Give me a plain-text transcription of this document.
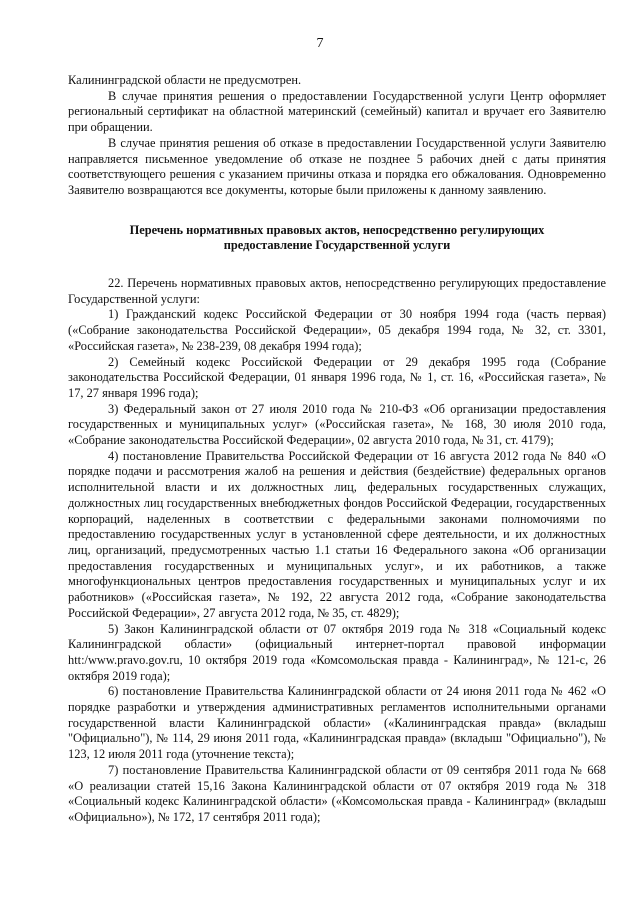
7

Калининградской области не предусмотрен.

В случае принятия решения о предоставлении Государственной услуги Центр оформляет региональный сертификат на областной материнский (семейный) капитал и вручает его Заявителю при обращении.

В случае принятия решения об отказе в предоставлении Государственной услуги Заявителю направляется письменное уведомление об отказе не позднее 5 рабочих дней с даты принятия соответствующего решения с указанием причины отказа и порядка его обжалования. Одновременно Заявителю возвращаются все документы, которые были приложены к данному заявлению.

Перечень нормативных правовых актов, непосредственно регулирующих предоставление Государственной услуги

22. Перечень нормативных правовых актов, непосредственно регулирующих предоставление Государственной услуги:

1) Гражданский кодекс Российской Федерации от 30 ноября 1994 года (часть первая) («Собрание законодательства Российской Федерации», 05 декабря 1994 года, № 32, ст. 3301, «Российская газета», № 238-239, 08 декабря 1994 года);

2) Семейный кодекс Российской Федерации от 29 декабря 1995 года (Собрание законодательства Российской Федерации, 01 января 1996 года, № 1, ст. 16, «Российская газета», № 17, 27 января 1996 года);

3) Федеральный закон от 27 июля 2010 года № 210-ФЗ «Об организации предоставления государственных и муниципальных услуг» («Российская газета», № 168, 30 июля 2010 года, «Собрание законодательства Российской Федерации», 02 августа 2010 года, № 31, ст. 4179);

4) постановление Правительства Российской Федерации от 16 августа 2012 года № 840 «О порядке подачи и рассмотрения жалоб на решения и действия (бездействие) федеральных органов исполнительной власти и их должностных лиц, федеральных государственных служащих, должностных лиц государственных внебюджетных фондов Российской Федерации, государственных корпораций, наделенных в соответствии с федеральными законами полномочиями по предоставлению государственных услуг в установленной сфере деятельности, и их должностных лиц, организаций, предусмотренных частью 1.1 статьи 16 Федерального закона «Об организации предоставления государственных и муниципальных услуг», и их работников, а также многофункциональных центров предоставления государственных и муниципальных услуг и их работников» («Российская газета», № 192, 22 августа 2012 года, «Собрание законодательства Российской Федерации», 27 августа 2012 года, № 35, ст. 4829);

5) Закон Калининградской области от 07 октября 2019 года № 318 «Социальный кодекс Калининградской области» (официальный интернет-портал правовой информации htt:/www.pravo.gov.ru, 10 октября 2019 года «Комсомольская правда - Калининград», № 121-с, 26 октября 2019 года);

6) постановление Правительства Калининградской области от 24 июня 2011 года № 462 «О порядке разработки и утверждения административных регламентов исполнительными органами государственной власти Калининградской области» («Калининградская правда» (вкладыш "Официально"), № 114, 29 июня 2011 года, «Калининградская правда» (вкладыш "Официально"), № 123, 12 июля 2011 года (уточнение текста);

7) постановление Правительства Калининградской области от 09 сентября 2011 года № 668 «О реализации статей 15,16 Закона Калининградской области от 07 октября 2019 года № 318 «Социальный кодекс Калининградской области» («Комсомольская правда - Калининград» (вкладыш «Официально»), № 172, 17 сентября 2011 года);
